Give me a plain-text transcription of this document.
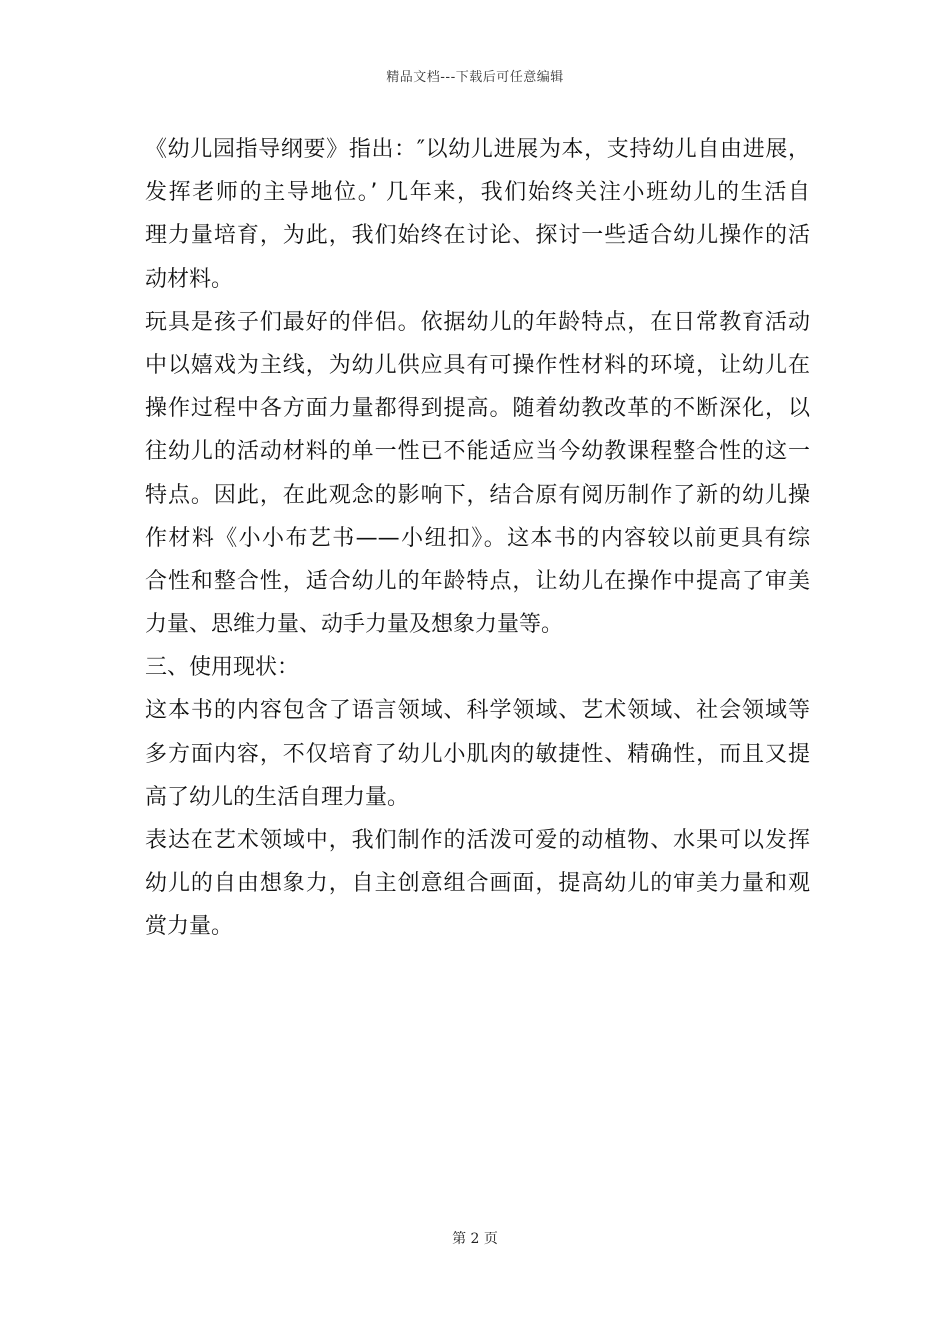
精品文档---下载后可任意编辑
《幼儿园指导纲要》指出：″以幼儿进展为本，支持幼儿自由进展，
发挥老师的主导地位。’ 几年来，我们始终关注小班幼儿的生活自
理力量培育，为此，我们始终在讨论、探讨一些适合幼儿操作的活
动材料。
玩具是孩子们最好的伴侣。依据幼儿的年龄特点，在日常教育活动
中以嬉戏为主线，为幼儿供应具有可操作性材料的环境，让幼儿在
操作过程中各方面力量都得到提高。随着幼教改革的不断深化，以
往幼儿的活动材料的单一性已不能适应当今幼教课程整合性的这一
特点。因此，在此观念的影响下，结合原有阅历制作了新的幼儿操
作材料《小小布艺书——小纽扣》。这本书的内容较以前更具有综
合性和整合性，适合幼儿的年龄特点，让幼儿在操作中提高了审美
力量、思维力量、动手力量及想象力量等。
三、使用现状：
这本书的内容包含了语言领域、科学领域、艺术领域、社会领域等
多方面内容，不仅培育了幼儿小肌肉的敏捷性、精确性，而且又提
高了幼儿的生活自理力量。
表达在艺术领域中，我们制作的活泼可爱的动植物、水果可以发挥
幼儿的自由想象力，自主创意组合画面，提高幼儿的审美力量和观
赏力量。
第 2 页
